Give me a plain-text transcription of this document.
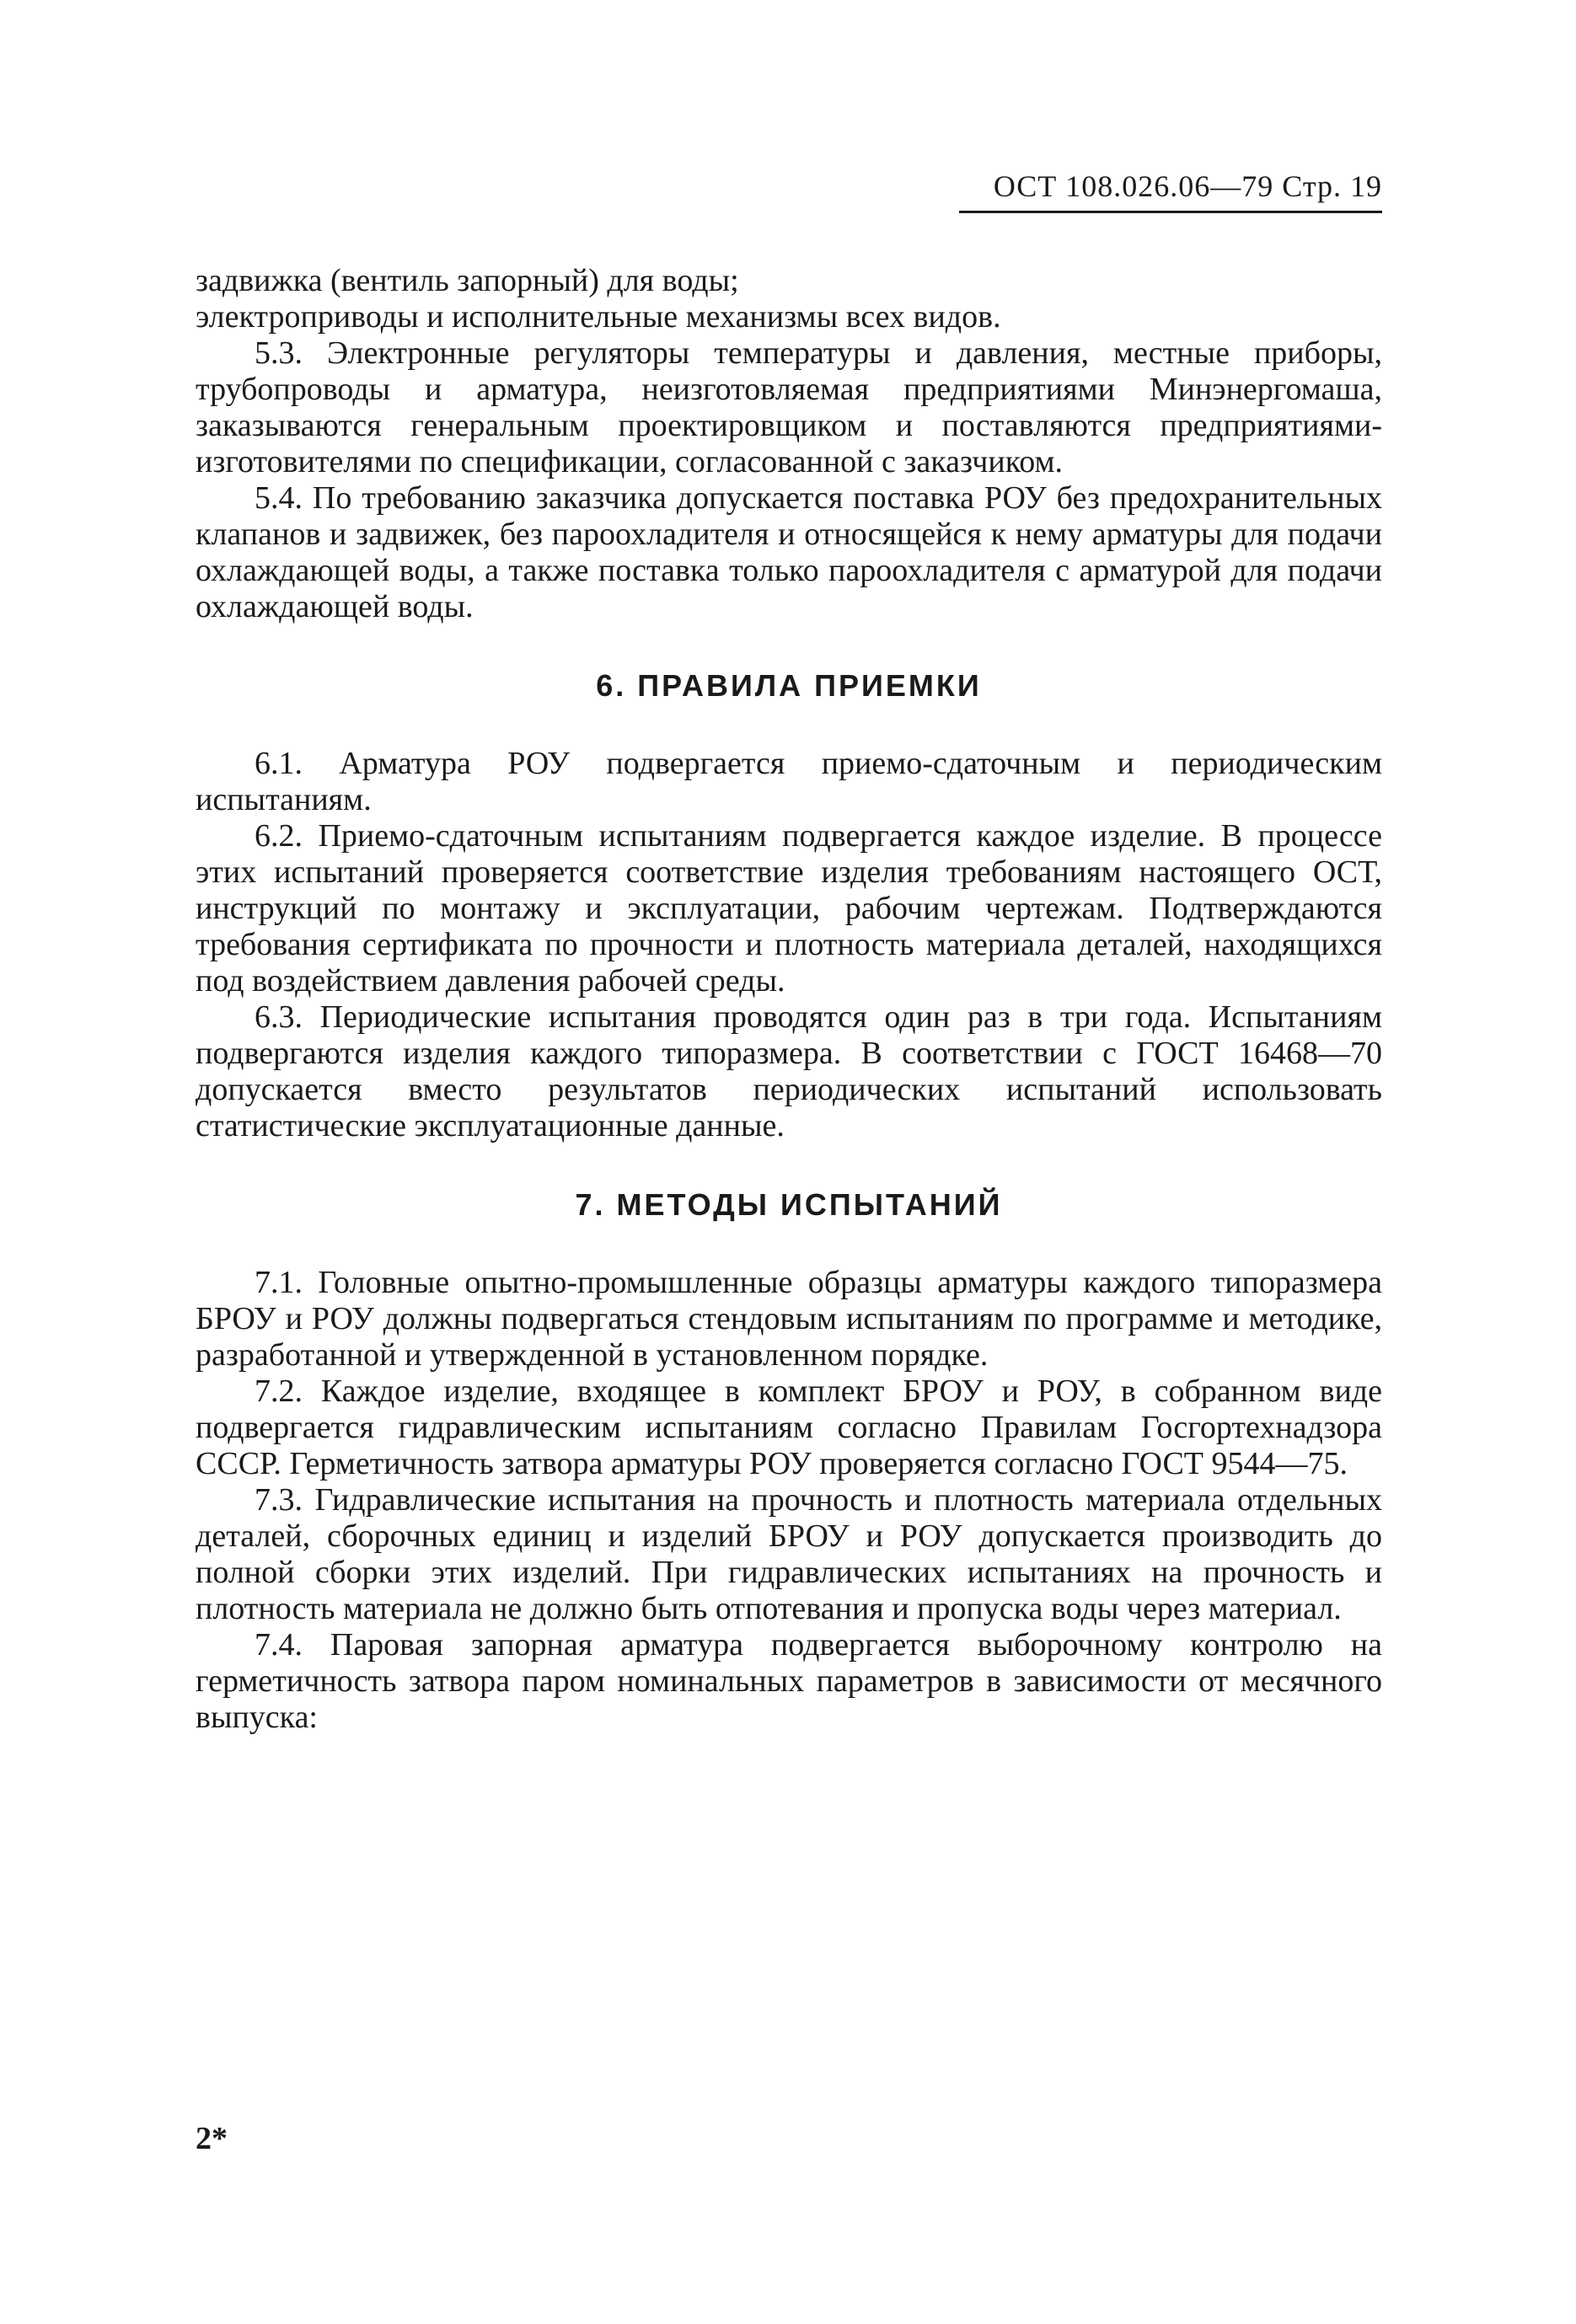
ОСТ 108.026.06—79 Стр. 19

задвижка (вентиль запорный) для воды;

электроприводы и исполнительные механизмы всех видов.

5.3. Электронные регуляторы температуры и давления, местные приборы, трубопроводы и арматура, неизготовляемая предприятиями Минэнергомаша, заказываются генеральным проектировщиком и поставляются предприятиями-изготовителями по спецификации, согласованной с заказчиком.

5.4. По требованию заказчика допускается поставка РОУ без предохранительных клапанов и задвижек, без пароохладителя и относящейся к нему арматуры для подачи охлаждающей воды, а также поставка только пароохладителя с арматурой для подачи охлаждающей воды.

6. ПРАВИЛА ПРИЕМКИ

6.1. Арматура РОУ подвергается приемо-сдаточным и периодическим испытаниям.

6.2. Приемо-сдаточным испытаниям подвергается каждое изделие. В процессе этих испытаний проверяется соответствие изделия требованиям настоящего ОСТ, инструкций по монтажу и эксплуатации, рабочим чертежам. Подтверждаются требования сертификата по прочности и плотность материала деталей, находящихся под воздействием давления рабочей среды.

6.3. Периодические испытания проводятся один раз в три года. Испытаниям подвергаются изделия каждого типоразмера. В соответствии с ГОСТ 16468—70 допускается вместо результатов периодических испытаний использовать статистические эксплуатационные данные.

7. МЕТОДЫ ИСПЫТАНИЙ

7.1. Головные опытно-промышленные образцы арматуры каждого типоразмера БРОУ и РОУ должны подвергаться стендовым испытаниям по программе и методике, разработанной и утвержденной в установленном порядке.

7.2. Каждое изделие, входящее в комплект БРОУ и РОУ, в собранном виде подвергается гидравлическим испытаниям согласно Правилам Госгортехнадзора СССР. Герметичность затвора арматуры РОУ проверяется согласно ГОСТ 9544—75.

7.3. Гидравлические испытания на прочность и плотность материала отдельных деталей, сборочных единиц и изделий БРОУ и РОУ допускается производить до полной сборки этих изделий. При гидравлических испытаниях на прочность и плотность материала не должно быть отпотевания и пропуска воды через материал.

7.4. Паровая запорная арматура подвергается выборочному контролю на герметичность затвора паром номинальных параметров в зависимости от месячного выпуска:

2*
